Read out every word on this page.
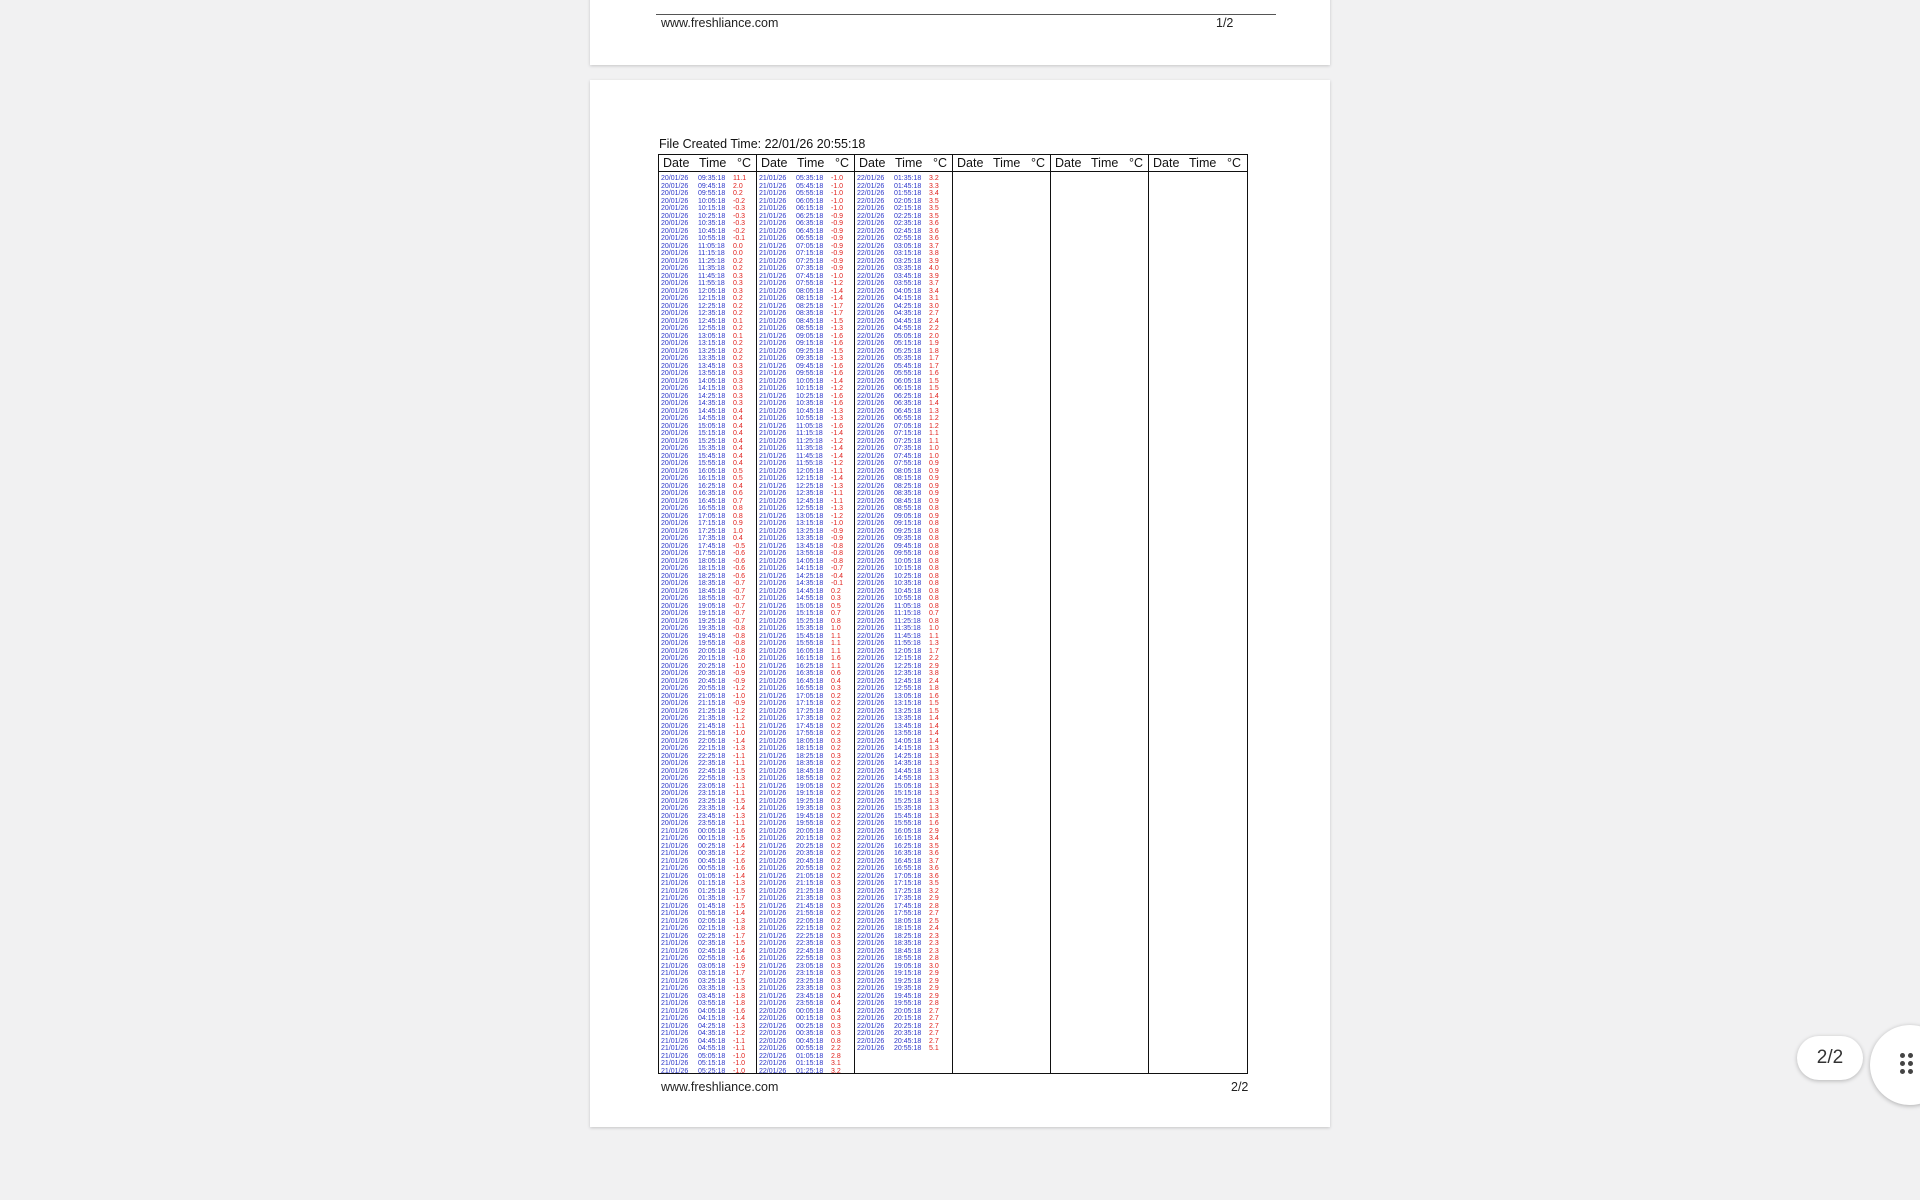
www.freshliance.com	1/2
File Created Time: 22/01/26 20:55:18
Date Time °C
20/01/26 09:35:18 11.1
20/01/26 09:45:18 2.0
20/01/26 09:55:18 0.2
20/01/26 10:05:18 -0.2
20/01/26 10:15:18 -0.3
20/01/26 10:25:18 -0.3
20/01/26 10:35:18 -0.3
20/01/26 10:45:18 -0.2
20/01/26 10:55:18 -0.1
20/01/26 11:05:18 0.0
20/01/26 11:15:18 0.0
20/01/26 11:25:18 0.2
20/01/26 11:35:18 0.2
20/01/26 11:45:18 0.3
20/01/26 11:55:18 0.3
20/01/26 12:05:18 0.3
20/01/26 12:15:18 0.2
20/01/26 12:25:18 0.2
20/01/26 12:35:18 0.2
20/01/26 12:45:18 0.1
20/01/26 12:55:18 0.2
20/01/26 13:05:18 0.1
20/01/26 13:15:18 0.2
20/01/26 13:25:18 0.2
20/01/26 13:35:18 0.2
20/01/26 13:45:18 0.3
20/01/26 13:55:18 0.3
20/01/26 14:05:18 0.3
20/01/26 14:15:18 0.3
20/01/26 14:25:18 0.3
20/01/26 14:35:18 0.3
20/01/26 14:45:18 0.4
20/01/26 14:55:18 0.4
20/01/26 15:05:18 0.4
20/01/26 15:15:18 0.4
20/01/26 15:25:18 0.4
20/01/26 15:35:18 0.4
20/01/26 15:45:18 0.4
20/01/26 15:55:18 0.4
20/01/26 16:05:18 0.5
20/01/26 16:15:18 0.5
20/01/26 16:25:18 0.4
20/01/26 16:35:18 0.6
20/01/26 16:45:18 0.7
20/01/26 16:55:18 0.8
20/01/26 17:05:18 0.8
20/01/26 17:15:18 0.9
20/01/26 17:25:18 1.0
20/01/26 17:35:18 0.4
20/01/26 17:45:18 -0.5
20/01/26 17:55:18 -0.6
20/01/26 18:05:18 -0.6
20/01/26 18:15:18 -0.6
20/01/26 18:25:18 -0.6
20/01/26 18:35:18 -0.7
20/01/26 18:45:18 -0.7
20/01/26 18:55:18 -0.7
20/01/26 19:05:18 -0.7
20/01/26 19:15:18 -0.7
20/01/26 19:25:18 -0.7
20/01/26 19:35:18 -0.8
20/01/26 19:45:18 -0.8
20/01/26 19:55:18 -0.8
20/01/26 20:05:18 -0.8
20/01/26 20:15:18 -1.0
20/01/26 20:25:18 -1.0
20/01/26 20:35:18 -0.9
20/01/26 20:45:18 -0.9
20/01/26 20:55:18 -1.2
20/01/26 21:05:18 -1.0
20/01/26 21:15:18 -0.9
20/01/26 21:25:18 -1.2
20/01/26 21:35:18 -1.2
20/01/26 21:45:18 -1.1
20/01/26 21:55:18 -1.0
20/01/26 22:05:18 -1.4
20/01/26 22:15:18 -1.3
20/01/26 22:25:18 -1.1
20/01/26 22:35:18 -1.1
20/01/26 22:45:18 -1.5
20/01/26 22:55:18 -1.3
20/01/26 23:05:18 -1.1
20/01/26 23:15:18 -1.1
20/01/26 23:25:18 -1.5
20/01/26 23:35:18 -1.4
20/01/26 23:45:18 -1.3
20/01/26 23:55:18 -1.1
21/01/26 00:05:18 -1.6
21/01/26 00:15:18 -1.5
21/01/26 00:25:18 -1.4
21/01/26 00:35:18 -1.2
21/01/26 00:45:18 -1.6
21/01/26 00:55:18 -1.6
21/01/26 01:05:18 -1.4
21/01/26 01:15:18 -1.3
21/01/26 01:25:18 -1.5
21/01/26 01:35:18 -1.7
21/01/26 01:45:18 -1.5
21/01/26 01:55:18 -1.4
21/01/26 02:05:18 -1.3
21/01/26 02:15:18 -1.8
21/01/26 02:25:18 -1.7
21/01/26 02:35:18 -1.5
21/01/26 02:45:18 -1.4
21/01/26 02:55:18 -1.6
21/01/26 03:05:18 -1.9
21/01/26 03:15:18 -1.7
21/01/26 03:25:18 -1.5
21/01/26 03:35:18 -1.3
21/01/26 03:45:18 -1.8
21/01/26 03:55:18 -1.8
21/01/26 04:05:18 -1.6
21/01/26 04:15:18 -1.4
21/01/26 04:25:18 -1.3
21/01/26 04:35:18 -1.2
21/01/26 04:45:18 -1.1
21/01/26 04:55:18 -1.1
21/01/26 05:05:18 -1.0
21/01/26 05:15:18 -1.0
21/01/26 05:25:18 -1.0
Date Time °C
21/01/26 05:35:18 -1.0
21/01/26 05:45:18 -1.0
21/01/26 05:55:18 -1.0
21/01/26 06:05:18 -1.0
21/01/26 06:15:18 -1.0
21/01/26 06:25:18 -0.9
21/01/26 06:35:18 -0.9
21/01/26 06:45:18 -0.9
21/01/26 06:55:18 -0.9
21/01/26 07:05:18 -0.9
21/01/26 07:15:18 -0.9
21/01/26 07:25:18 -0.9
21/01/26 07:35:18 -0.9
21/01/26 07:45:18 -1.0
21/01/26 07:55:18 -1.2
21/01/26 08:05:18 -1.4
21/01/26 08:15:18 -1.4
21/01/26 08:25:18 -1.7
21/01/26 08:35:18 -1.7
21/01/26 08:45:18 -1.5
21/01/26 08:55:18 -1.3
21/01/26 09:05:18 -1.6
21/01/26 09:15:18 -1.6
21/01/26 09:25:18 -1.5
21/01/26 09:35:18 -1.3
21/01/26 09:45:18 -1.6
21/01/26 09:55:18 -1.6
21/01/26 10:05:18 -1.4
21/01/26 10:15:18 -1.2
21/01/26 10:25:18 -1.6
21/01/26 10:35:18 -1.6
21/01/26 10:45:18 -1.3
21/01/26 10:55:18 -1.3
21/01/26 11:05:18 -1.6
21/01/26 11:15:18 -1.4
21/01/26 11:25:18 -1.2
21/01/26 11:35:18 -1.4
21/01/26 11:45:18 -1.4
21/01/26 11:55:18 -1.2
21/01/26 12:05:18 -1.1
21/01/26 12:15:18 -1.4
21/01/26 12:25:18 -1.3
21/01/26 12:35:18 -1.1
21/01/26 12:45:18 -1.1
21/01/26 12:55:18 -1.3
21/01/26 13:05:18 -1.2
21/01/26 13:15:18 -1.0
21/01/26 13:25:18 -0.9
21/01/26 13:35:18 -0.9
21/01/26 13:45:18 -0.8
21/01/26 13:55:18 -0.8
21/01/26 14:05:18 -0.8
21/01/26 14:15:18 -0.7
21/01/26 14:25:18 -0.4
21/01/26 14:35:18 -0.1
21/01/26 14:45:18 0.2
21/01/26 14:55:18 0.3
21/01/26 15:05:18 0.5
21/01/26 15:15:18 0.7
21/01/26 15:25:18 0.8
21/01/26 15:35:18 1.0
21/01/26 15:45:18 1.1
21/01/26 15:55:18 1.1
21/01/26 16:05:18 1.1
21/01/26 16:15:18 1.6
21/01/26 16:25:18 1.1
21/01/26 16:35:18 0.6
21/01/26 16:45:18 0.4
21/01/26 16:55:18 0.3
21/01/26 17:05:18 0.2
21/01/26 17:15:18 0.2
21/01/26 17:25:18 0.2
21/01/26 17:35:18 0.2
21/01/26 17:45:18 0.2
21/01/26 17:55:18 0.2
21/01/26 18:05:18 0.3
21/01/26 18:15:18 0.2
21/01/26 18:25:18 0.3
21/01/26 18:35:18 0.2
21/01/26 18:45:18 0.2
21/01/26 18:55:18 0.2
21/01/26 19:05:18 0.2
21/01/26 19:15:18 0.2
21/01/26 19:25:18 0.2
21/01/26 19:35:18 0.3
21/01/26 19:45:18 0.2
21/01/26 19:55:18 0.2
21/01/26 20:05:18 0.3
21/01/26 20:15:18 0.2
21/01/26 20:25:18 0.2
21/01/26 20:35:18 0.2
21/01/26 20:45:18 0.2
21/01/26 20:55:18 0.2
21/01/26 21:05:18 0.2
21/01/26 21:15:18 0.3
21/01/26 21:25:18 0.3
21/01/26 21:35:18 0.3
21/01/26 21:45:18 0.3
21/01/26 21:55:18 0.2
21/01/26 22:05:18 0.2
21/01/26 22:15:18 0.2
21/01/26 22:25:18 0.3
21/01/26 22:35:18 0.3
21/01/26 22:45:18 0.3
21/01/26 22:55:18 0.3
21/01/26 23:05:18 0.3
21/01/26 23:15:18 0.3
21/01/26 23:25:18 0.3
21/01/26 23:35:18 0.3
21/01/26 23:45:18 0.4
21/01/26 23:55:18 0.4
22/01/26 00:05:18 0.4
22/01/26 00:15:18 0.3
22/01/26 00:25:18 0.3
22/01/26 00:35:18 0.3
22/01/26 00:45:18 0.8
22/01/26 00:55:18 2.2
22/01/26 01:05:18 2.8
22/01/26 01:15:18 3.1
22/01/26 01:25:18 3.2
Date Time °C
22/01/26 01:35:18 3.2
22/01/26 01:45:18 3.3
22/01/26 01:55:18 3.4
22/01/26 02:05:18 3.5
22/01/26 02:15:18 3.5
22/01/26 02:25:18 3.5
22/01/26 02:35:18 3.6
22/01/26 02:45:18 3.6
22/01/26 02:55:18 3.6
22/01/26 03:05:18 3.7
22/01/26 03:15:18 3.8
22/01/26 03:25:18 3.9
22/01/26 03:35:18 4.0
22/01/26 03:45:18 3.9
22/01/26 03:55:18 3.7
22/01/26 04:05:18 3.4
22/01/26 04:15:18 3.1
22/01/26 04:25:18 3.0
22/01/26 04:35:18 2.7
22/01/26 04:45:18 2.4
22/01/26 04:55:18 2.2
22/01/26 05:05:18 2.0
22/01/26 05:15:18 1.9
22/01/26 05:25:18 1.8
22/01/26 05:35:18 1.7
22/01/26 05:45:18 1.7
22/01/26 05:55:18 1.6
22/01/26 06:05:18 1.5
22/01/26 06:15:18 1.5
22/01/26 06:25:18 1.4
22/01/26 06:35:18 1.4
22/01/26 06:45:18 1.3
22/01/26 06:55:18 1.2
22/01/26 07:05:18 1.2
22/01/26 07:15:18 1.1
22/01/26 07:25:18 1.1
22/01/26 07:35:18 1.0
22/01/26 07:45:18 1.0
22/01/26 07:55:18 0.9
22/01/26 08:05:18 0.9
22/01/26 08:15:18 0.9
22/01/26 08:25:18 0.9
22/01/26 08:35:18 0.9
22/01/26 08:45:18 0.9
22/01/26 08:55:18 0.8
22/01/26 09:05:18 0.9
22/01/26 09:15:18 0.8
22/01/26 09:25:18 0.8
22/01/26 09:35:18 0.8
22/01/26 09:45:18 0.8
22/01/26 09:55:18 0.8
22/01/26 10:05:18 0.8
22/01/26 10:15:18 0.8
22/01/26 10:25:18 0.8
22/01/26 10:35:18 0.8
22/01/26 10:45:18 0.8
22/01/26 10:55:18 0.8
22/01/26 11:05:18 0.8
22/01/26 11:15:18 0.7
22/01/26 11:25:18 0.8
22/01/26 11:35:18 1.0
22/01/26 11:45:18 1.1
22/01/26 11:55:18 1.3
22/01/26 12:05:18 1.7
22/01/26 12:15:18 2.2
22/01/26 12:25:18 2.9
22/01/26 12:35:18 3.8
22/01/26 12:45:18 2.4
22/01/26 12:55:18 1.8
22/01/26 13:05:18 1.6
22/01/26 13:15:18 1.5
22/01/26 13:25:18 1.5
22/01/26 13:35:18 1.4
22/01/26 13:45:18 1.4
22/01/26 13:55:18 1.4
22/01/26 14:05:18 1.4
22/01/26 14:15:18 1.3
22/01/26 14:25:18 1.3
22/01/26 14:35:18 1.3
22/01/26 14:45:18 1.3
22/01/26 14:55:18 1.3
22/01/26 15:05:18 1.3
22/01/26 15:15:18 1.3
22/01/26 15:25:18 1.3
22/01/26 15:35:18 1.3
22/01/26 15:45:18 1.3
22/01/26 15:55:18 1.6
22/01/26 16:05:18 2.9
22/01/26 16:15:18 3.4
22/01/26 16:25:18 3.5
22/01/26 16:35:18 3.6
22/01/26 16:45:18 3.7
22/01/26 16:55:18 3.6
22/01/26 17:05:18 3.6
22/01/26 17:15:18 3.5
22/01/26 17:25:18 3.2
22/01/26 17:35:18 2.9
22/01/26 17:45:18 2.8
22/01/26 17:55:18 2.7
22/01/26 18:05:18 2.5
22/01/26 18:15:18 2.4
22/01/26 18:25:18 2.3
22/01/26 18:35:18 2.3
22/01/26 18:45:18 2.3
22/01/26 18:55:18 2.8
22/01/26 19:05:18 3.0
22/01/26 19:15:18 2.9
22/01/26 19:25:18 2.9
22/01/26 19:35:18 2.9
22/01/26 19:45:18 2.9
22/01/26 19:55:18 2.8
22/01/26 20:05:18 2.7
22/01/26 20:15:18 2.7
22/01/26 20:25:18 2.7
22/01/26 20:35:18 2.7
22/01/26 20:45:18 2.7
22/01/26 20:55:18 5.1
Date Time °C Date Time °C Date Time °C
www.freshliance.com	2/2
2/2
